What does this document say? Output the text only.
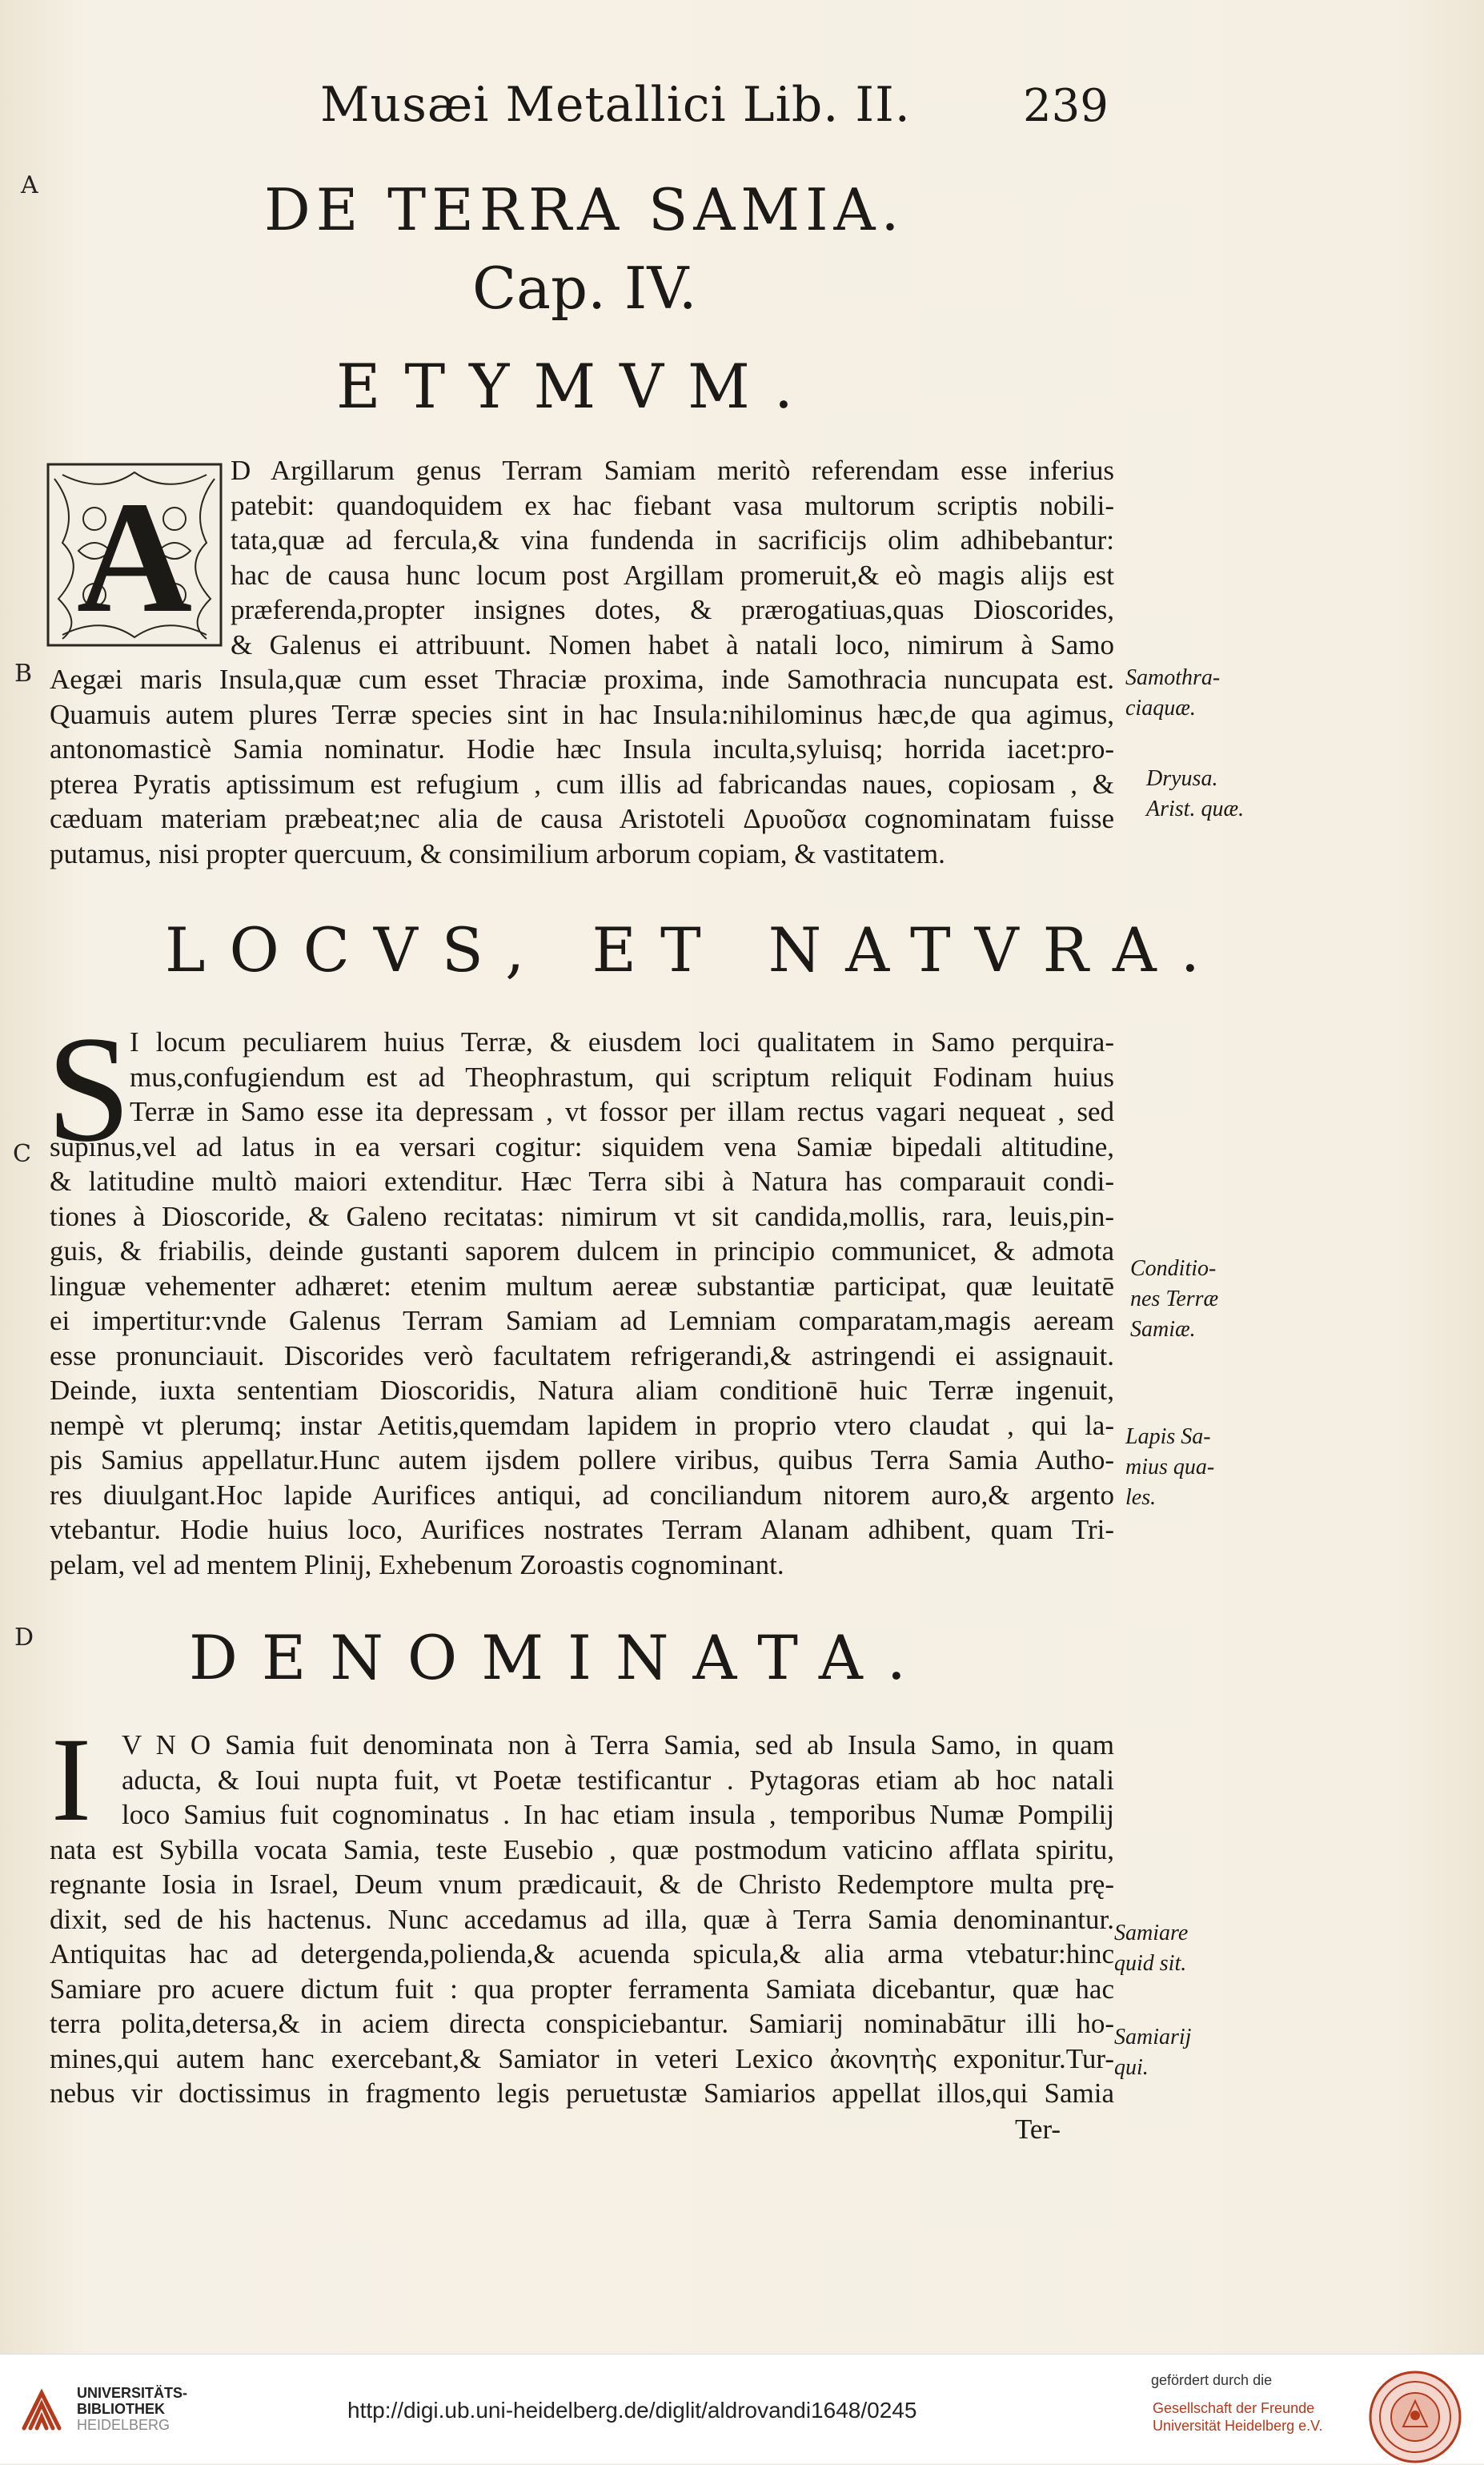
Musæi Metallici Lib. II.	239
A
B
C
D
DE TERRA SAMIA.
Cap. IV.
ETYMVM.
A	D Argillarum genus Terram Samiam meritò referendam esse inferius
patebit: quandoquidem ex hac fiebant vasa multorum scriptis nobili-
tata,quæ ad fercula,& vina fundenda in sacrificijs olim adhibebantur:
hac de causa hunc locum post Argillam promeruit,& eò magis alijs est
præferenda,propter insignes dotes, & prærogatiuas,quas Dioscorides,
& Galenus ei attribuunt. Nomen habet à natali loco, nimirum à Samo
Aegæi maris Insula,quæ cum esset Thraciæ proxima, inde Samothracia nuncupata est.
Quamuis autem plures Terræ species sint in hac Insula:nihilominus hæc,de qua agimus,
antonomasticè Samia nominatur. Hodie hæc Insula inculta,syluisq; horrida iacet:pro-
pterea Pyratis aptissimum est refugium , cum illis ad fabricandas naues, copiosam , &
cæduam materiam præbeat;nec alia de causa Aristoteli Δρυοῦσα cognominatam fuisse
putamus, nisi propter quercuum, & consimilium arborum copiam, & vastitatem.
LOCVS, ET NATVRA.
S
I locum peculiarem huius Terræ, & eiusdem loci qualitatem in Samo perquira-
mus,confugiendum est ad Theophrastum, qui scriptum reliquit Fodinam huius
Terræ in Samo esse ita depressam , vt fossor per illam rectus vagari nequeat , sed
supinus,vel ad latus in ea versari cogitur: siquidem vena Samiæ bipedali altitudine,
& latitudine multò maiori extenditur. Hæc Terra sibi à Natura has comparauit condi-
tiones à Dioscoride, & Galeno recitatas: nimirum vt sit candida,mollis, rara, leuis,pin-
guis, & friabilis, deinde gustanti saporem dulcem in principio communicet, & admota
linguæ vehementer adhæret: etenim multum aereæ substantiæ participat, quæ leuitatē
ei impertitur:vnde Galenus Terram Samiam ad Lemniam comparatam,magis aeream
esse pronunciauit. Discorides verò facultatem refrigerandi,& astringendi ei assignauit.
Deinde, iuxta sententiam Dioscoridis, Natura aliam conditionē huic Terræ ingenuit,
nempè vt plerumq; instar Aetitis,quemdam lapidem in proprio vtero claudat , qui la-
pis Samius appellatur.Hunc autem ijsdem pollere viribus, quibus Terra Samia Autho-
res diuulgant.Hoc lapide Aurifices antiqui, ad conciliandum nitorem auro,& argento
vtebantur. Hodie huius loco, Aurifices nostrates Terram Alanam adhibent, quam Tri-
pelam, vel ad mentem Plinij, Exhebenum Zoroastis cognominant.
DENOMINATA.
I	V N O Samia fuit denominata non à Terra Samia, sed ab Insula Samo, in quam
aducta, & Ioui nupta fuit, vt Poetæ testificantur . Pytagoras etiam ab hoc natali
loco Samius fuit cognominatus . In hac etiam insula , temporibus Numæ Pompilij
nata est Sybilla vocata Samia, teste Eusebio , quæ postmodum vaticino afflata spiritu,
regnante Iosia in Israel, Deum vnum prædicauit, & de Christo Redemptore multa prę-
dixit, sed de his hactenus. Nunc accedamus ad illa, quæ à Terra Samia denominantur.
Antiquitas hac ad detergenda,polienda,& acuenda spicula,& alia arma vtebatur:hinc
Samiare pro acuere dictum fuit : qua propter ferramenta Samiata dicebantur, quæ hac
terra polita,detersa,& in aciem directa conspiciebantur. Samiarij nominabātur illi ho-
mines,qui autem hanc exercebant,& Samiator in veteri Lexico ἀκονητὴς exponitur.Tur-
nebus vir doctissimus in fragmento legis peruetustæ Samiarios appellat illos,qui Samia
Ter-
Samothra-
ciaquæ.
Dryusa.
Arist. quæ.
Conditio-
nes Terræ
Samiæ.
Lapis Sa-
mius qua-
les.
Samiare
quid sit.
Samiarij
qui.
UNIVERSITÄTS-
BIBLIOTHEK
HEIDELBERG
http://digi.ub.uni-heidelberg.de/diglit/aldrovandi1648/0245
gefördert durch die
Gesellschaft der Freunde
Universität Heidelberg e.V.
